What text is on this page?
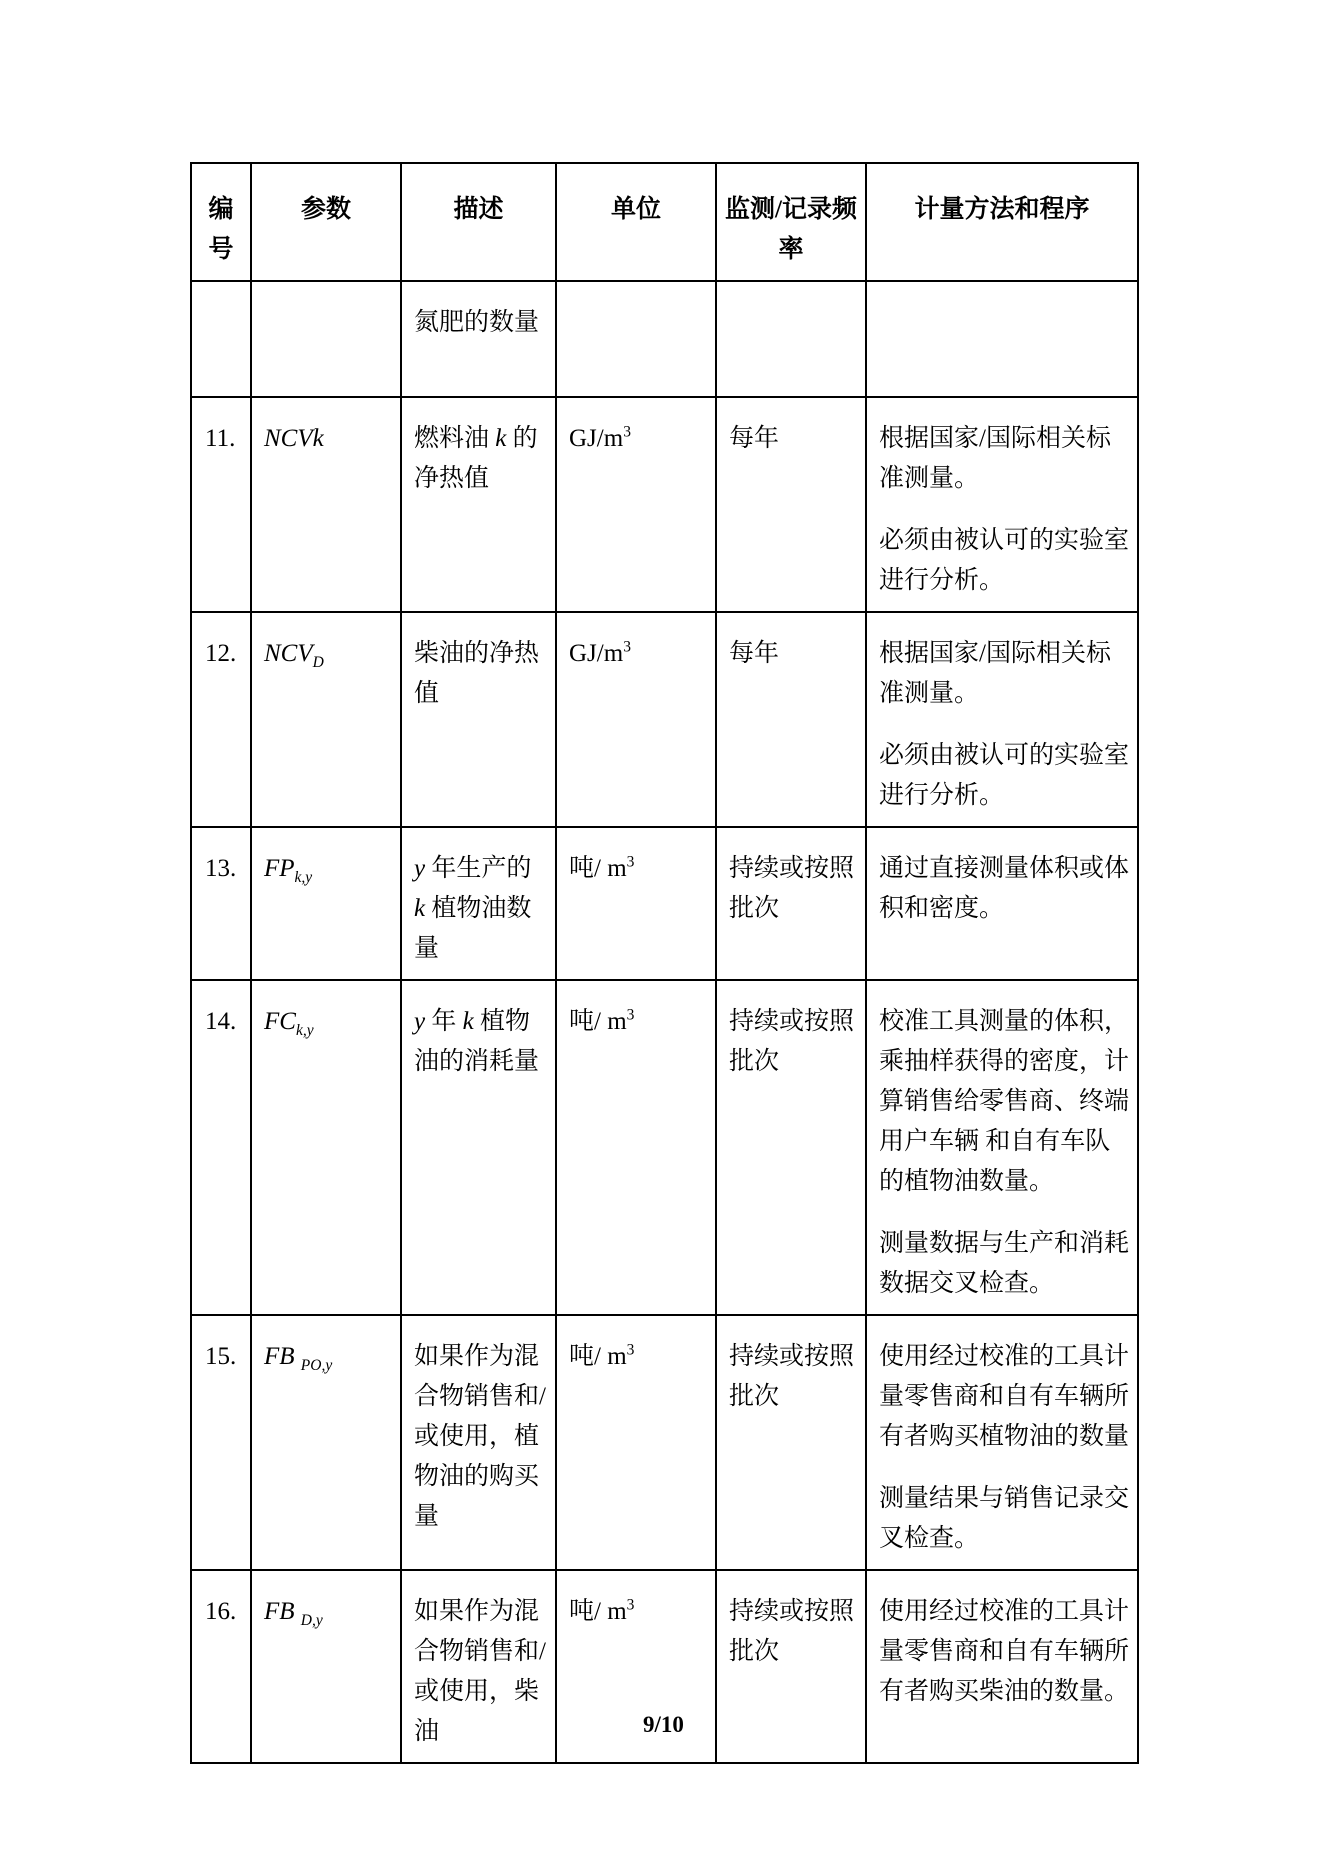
编号	参数	描述	单位	监测/记录频率	计量方法和程序
		氮肥的数量			
11.	NCVk	燃料油 k 的净热值	$GJ/m^3$	每年	根据国家/国际相关标准测量。

必须由被认可的实验室进行分析。

12.	$NCV_D$	柴油的净热值	$GJ/m^3$	每年	根据国家/国际相关标准测量。

必须由被认可的实验室进行分析。

13.	$FP_{k,y}$	y 年生产的 k 植物油数量	吨/ $m^3$	持续或按照批次	通过直接测量体积或体积和密度。

14.	$FC_{k,y}$	y 年 k 植物油的消耗量	吨/ $m^3$	持续或按照批次	校准工具测量的体积，乘抽样获得的密度，计算销售给零售商、终端用户车辆 和自有车队的植物油数量。

测量数据与生产和消耗数据交叉检查。

15.	FB $_{PO,y}$	如果作为混合物销售和/或使用，植物油的购买量	吨/ $m^3$	持续或按照批次	使用经过校准的工具计量零售商和自有车辆所有者购买植物油的数量

测量结果与销售记录交叉检查。

16.	FB $_{D,y}$	如果作为混合物销售和/或使用，柴油	吨/ $m^3$	持续或按照批次	使用经过校准的工具计量零售商和自有车辆所有者购买柴油的数量。

9/10
